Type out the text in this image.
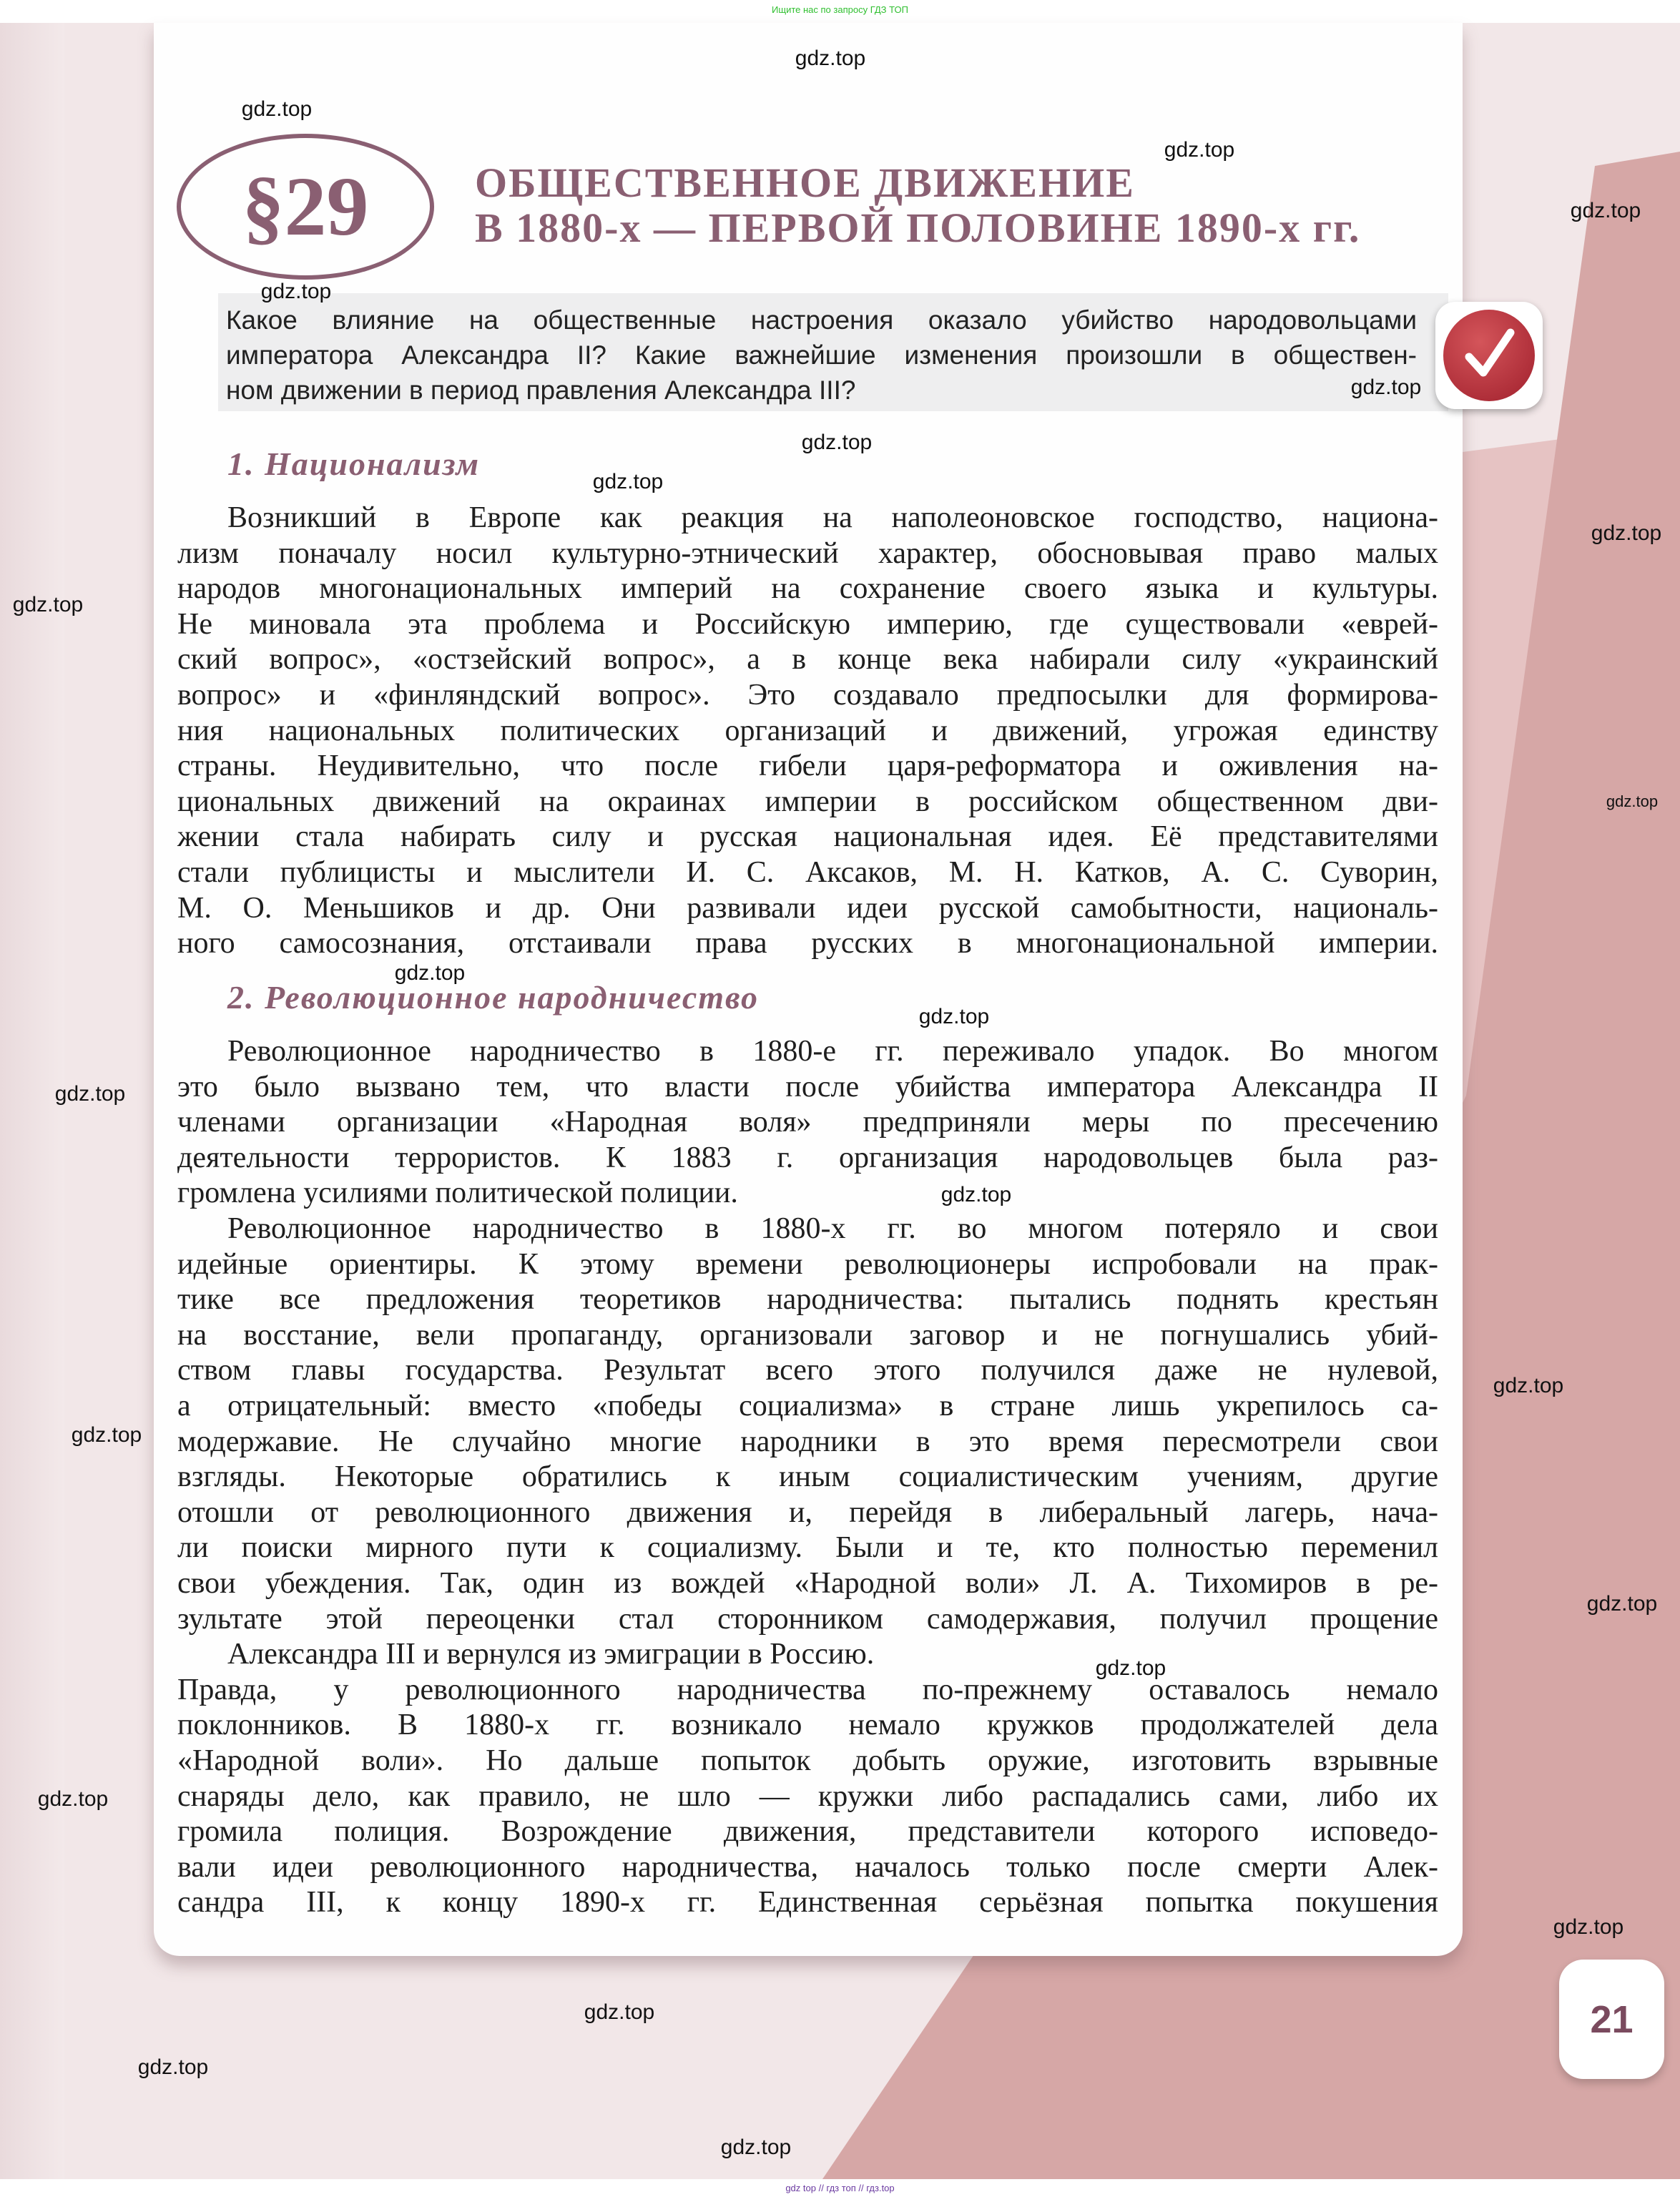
Ищите нас по запросу ГДЗ ТОП
gdz top // гдз топ // гдз.top
§29	ОБЩЕСТВЕННОЕ ДВИЖЕНИЕ
В 1880-х — ПЕРВОЙ ПОЛОВИНЕ 1890-х гг.
Какое влияние на общественные настроения оказало убийство народовольцами
императора Александра II? Какие важнейшие изменения произошли в обществен-
ном движении в период правления Александра III?
1. Национализм
Возникший в Европе как реакция на наполеоновское господство, национа-
лизм поначалу носил культурно-этнический характер, обосновывая право малых
народов многонациональных империй на сохранение своего языка и культуры.
Не миновала эта проблема и Российскую империю, где существовали «еврей-
ский вопрос», «остзейский вопрос», а в конце века набирали силу «украинский
вопрос» и «финляндский вопрос». Это создавало предпосылки для формирова-
ния национальных политических организаций и движений, угрожая единству
страны. Неудивительно, что после гибели царя-реформатора и оживления на-
циональных движений на окраинах империи в российском общественном дви-
жении стала набирать силу и русская национальная идея. Её представителями
стали публицисты и мыслители И. С. Аксаков, М. Н. Катков, А. С. Суворин,
М. О. Меньшиков и др. Они развивали идеи русской самобытности, националь-
ного самосознания, отстаивали права русских в многонациональной империи.
2. Революционное народничество
Революционное народничество в 1880-е гг. переживало упадок. Во многом
это было вызвано тем, что власти после убийства императора Александра II
членами организации «Народная воля» предприняли меры по пресечению
деятельности террористов. К 1883 г. организация народовольцев была раз-
громлена усилиями политической полиции.
Революционное народничество в 1880-х гг. во многом потеряло и свои
идейные ориентиры. К этому времени революционеры испробовали на прак-
тике все предложения теоретиков народничества: пытались поднять крестьян
на восстание, вели пропаганду, организовали заговор и не погнушались убий-
ством главы государства. Результат всего этого получился даже не нулевой,
а отрицательный: вместо «победы социализма» в стране лишь укрепилось са-
модержавие. Не случайно многие народники в это время пересмотрели свои
взгляды. Некоторые обратились к иным социалистическим учениям, другие
отошли от революционного движения и, перейдя в либеральный лагерь, нача-
ли поиски мирного пути к социализму. Были и те, кто полностью переменил
свои убеждения. Так, один из вождей «Народной воли» Л. А. Тихомиров в ре-
зультате этой переоценки стал сторонником самодержавия, получил прощение
Александра III и вернулся из эмиграции в Россию.
Правда, у революционного народничества по-прежнему оставалось немало
поклонников. В 1880-х гг. возникало немало кружков продолжателей дела
«Народной воли». Но дальше попыток добыть оружие, изготовить взрывные
снаряды дело, как правило, не шло — кружки либо распадались сами, либо их
громила полиция. Возрождение движения, представители которого исповедо-
вали идеи революционного народничества, началось только после смерти Алек-
сандра III, к концу 1890-х гг. Единственная серьёзная попытка покушения
21
gdz.top
gdz.top
gdz.top
gdz.top
gdz.top
gdz.top
gdz.top
gdz.top
gdz.top
gdz.top
gdz.top
gdz.top
gdz.top
gdz.top
gdz.top
gdz.top
gdz.top
gdz.top
gdz.top
gdz.top
gdz.top
gdz.top
gdz.top
gdz.top
